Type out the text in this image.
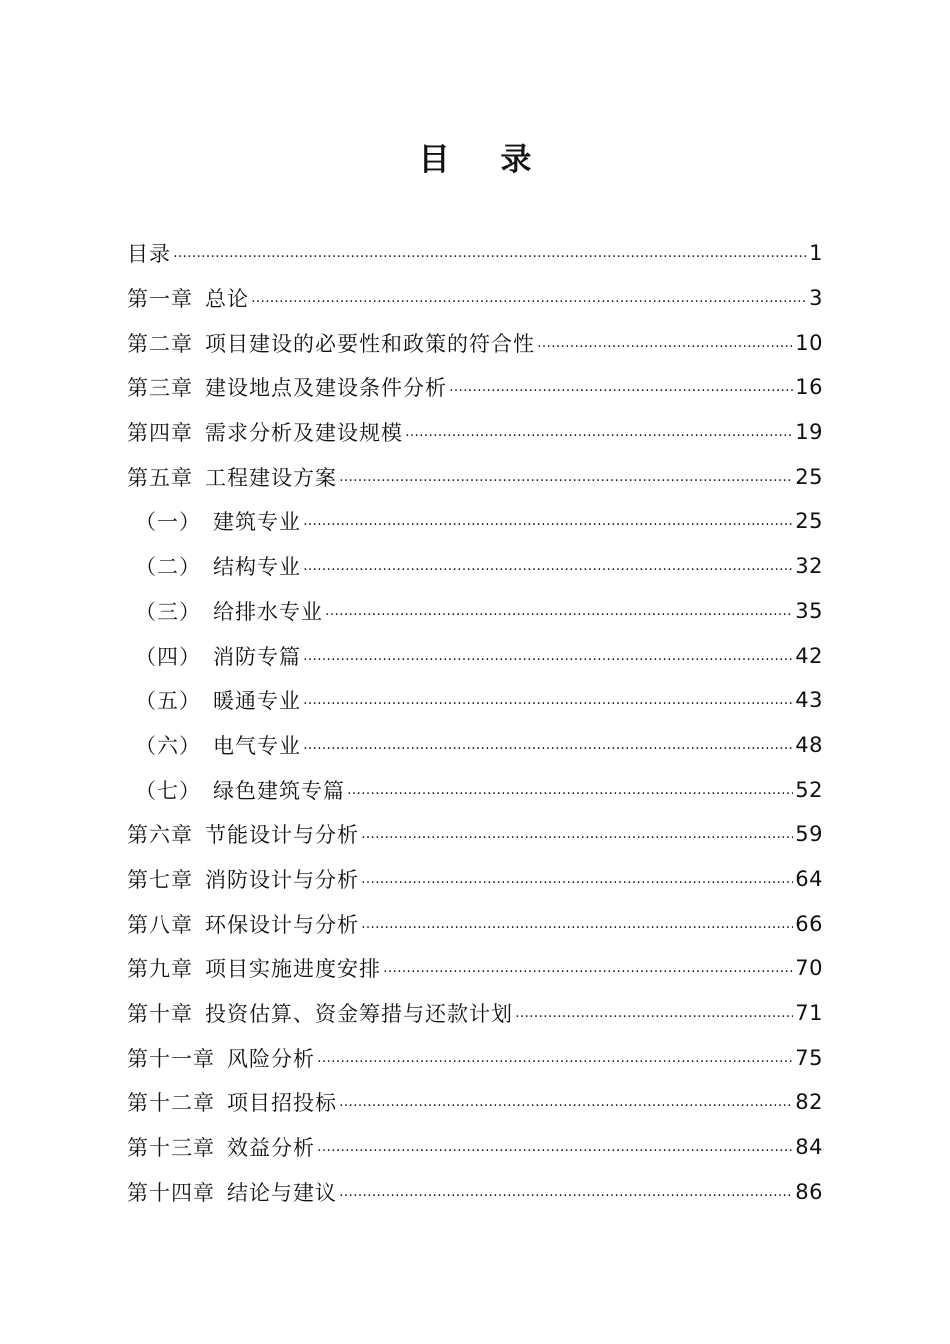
目 录
目录 ……………………………………………………………………………………………………………………………………………………	1
第一章 总论 ……………………………………………………………………………………………………………………………………………………	3
第二章 项目建设的必要性和政策的符合性 ……………………………………………………………………………………………………………………………………………………	10
第三章 建设地点及建设条件分析 ……………………………………………………………………………………………………………………………………………………	16
第四章 需求分析及建设规模 ……………………………………………………………………………………………………………………………………………………	19
第五章 工程建设方案 ……………………………………………………………………………………………………………………………………………………	25
（一） 建筑专业 ……………………………………………………………………………………………………………………………………………………	25
（二） 结构专业 ……………………………………………………………………………………………………………………………………………………	32
（三） 给排水专业 ……………………………………………………………………………………………………………………………………………………	35
（四） 消防专篇 ……………………………………………………………………………………………………………………………………………………	42
（五） 暖通专业 ……………………………………………………………………………………………………………………………………………………	43
（六） 电气专业 ……………………………………………………………………………………………………………………………………………………	48
（七） 绿色建筑专篇 ……………………………………………………………………………………………………………………………………………………	52
第六章 节能设计与分析 ……………………………………………………………………………………………………………………………………………………	59
第七章 消防设计与分析 ……………………………………………………………………………………………………………………………………………………	64
第八章 环保设计与分析 ……………………………………………………………………………………………………………………………………………………	66
第九章 项目实施进度安排 ……………………………………………………………………………………………………………………………………………………	70
第十章 投资估算、资金筹措与还款计划 ……………………………………………………………………………………………………………………………………………………	71
第十一章 风险分析 ……………………………………………………………………………………………………………………………………………………	75
第十二章 项目招投标 ……………………………………………………………………………………………………………………………………………………	82
第十三章 效益分析 ……………………………………………………………………………………………………………………………………………………	84
第十四章 结论与建议 ……………………………………………………………………………………………………………………………………………………	86
